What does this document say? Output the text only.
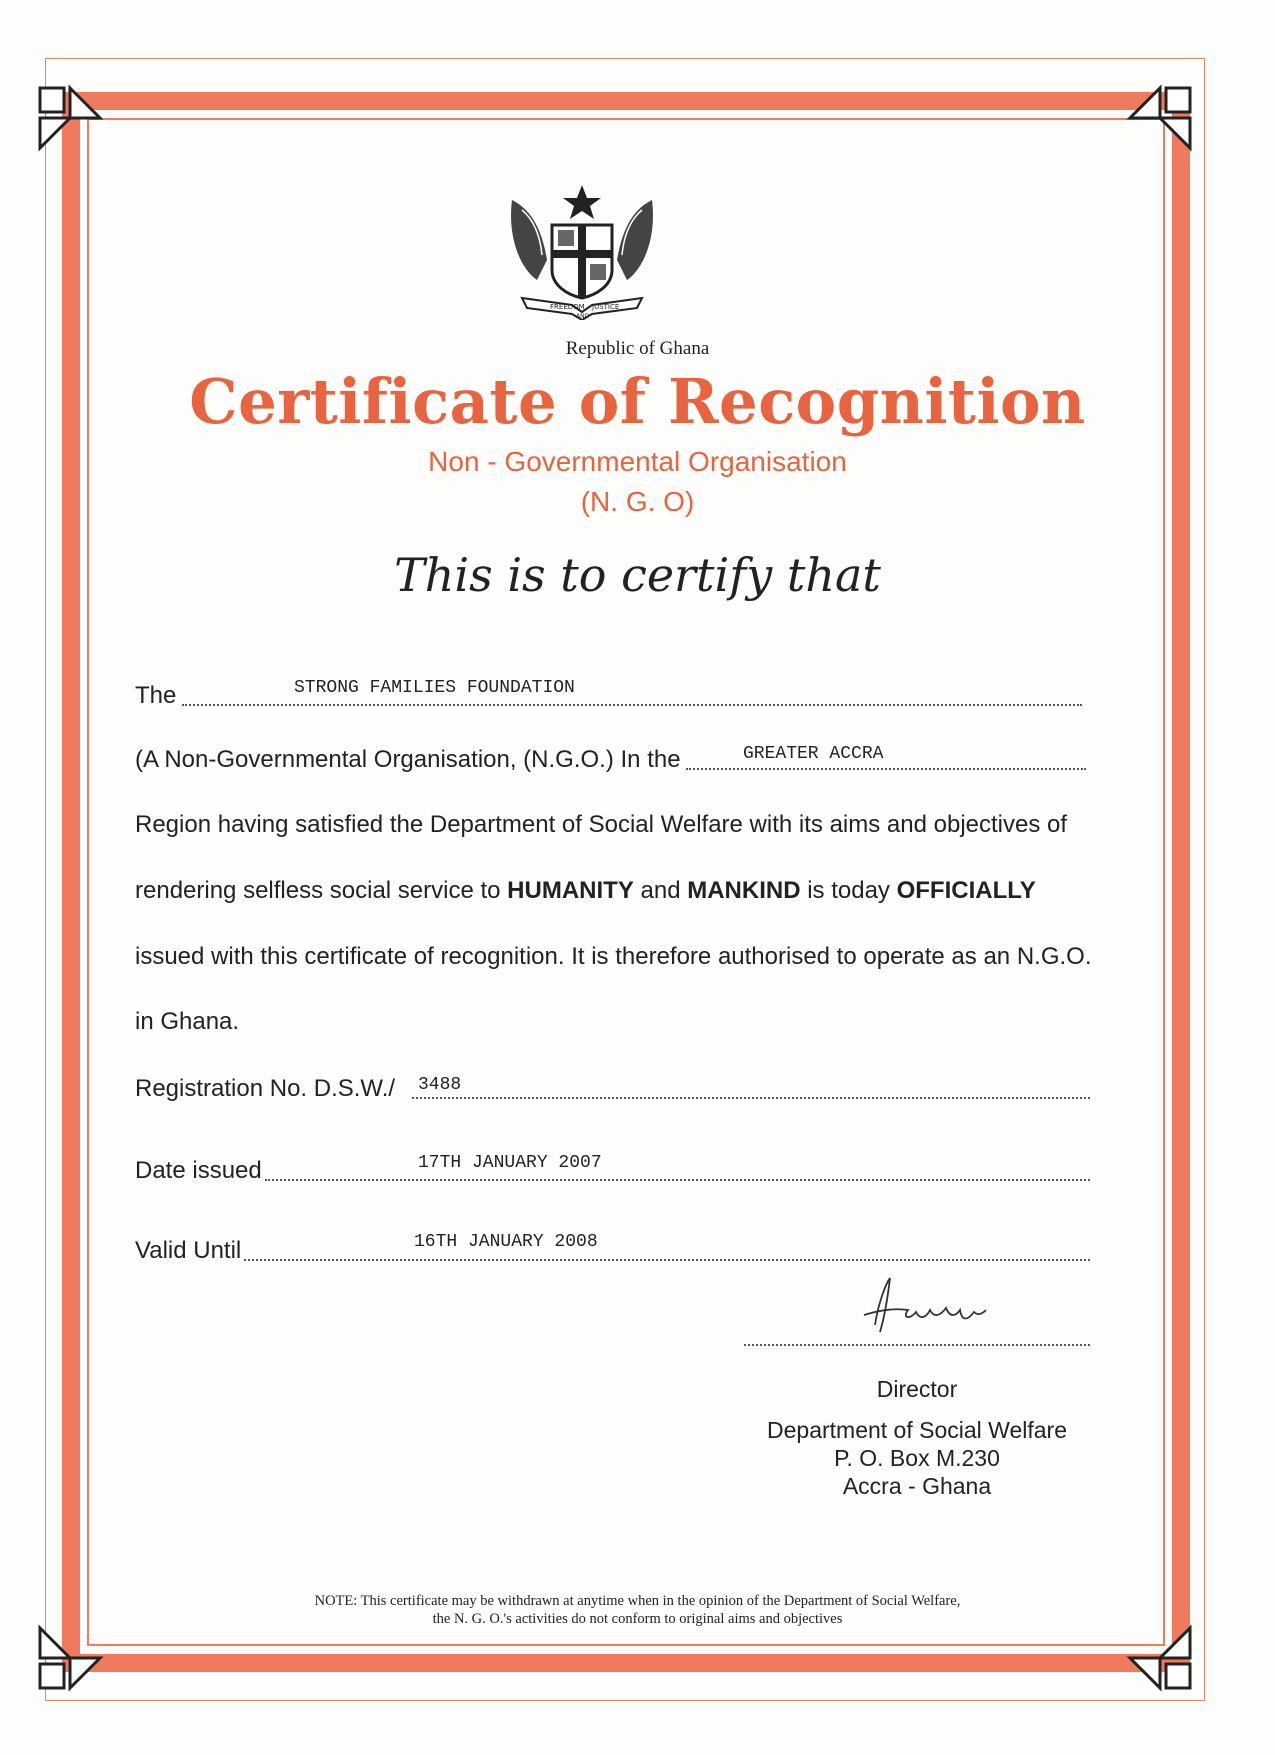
FREEDOM
AND
JUSTICE
Republic of Ghana
Certificate of Recognition
Non - Governmental Organisation
(N. G. O)
This is to certify that
The	STRONG FAMILIES FOUNDATION
(A Non-Governmental Organisation, (N.G.O.) In the	GREATER ACCRA
Region having satisfied the Department of Social Welfare with its aims and objectives of
rendering selfless social service to HUMANITY and MANKIND is today OFFICIALLY
issued with this certificate of recognition. It is therefore authorised to operate as an N.G.O.
in Ghana.
Registration No. D.S.W./	3488
Date issued	17TH JANUARY 2007
Valid Until	16TH JANUARY 2008
Director
Department of Social Welfare
P. O. Box M.230
Accra - Ghana
NOTE: This certificate may be withdrawn at anytime when in the opinion of the Department of Social Welfare,
the N. G. O.'s activities do not conform to original aims and objectives
